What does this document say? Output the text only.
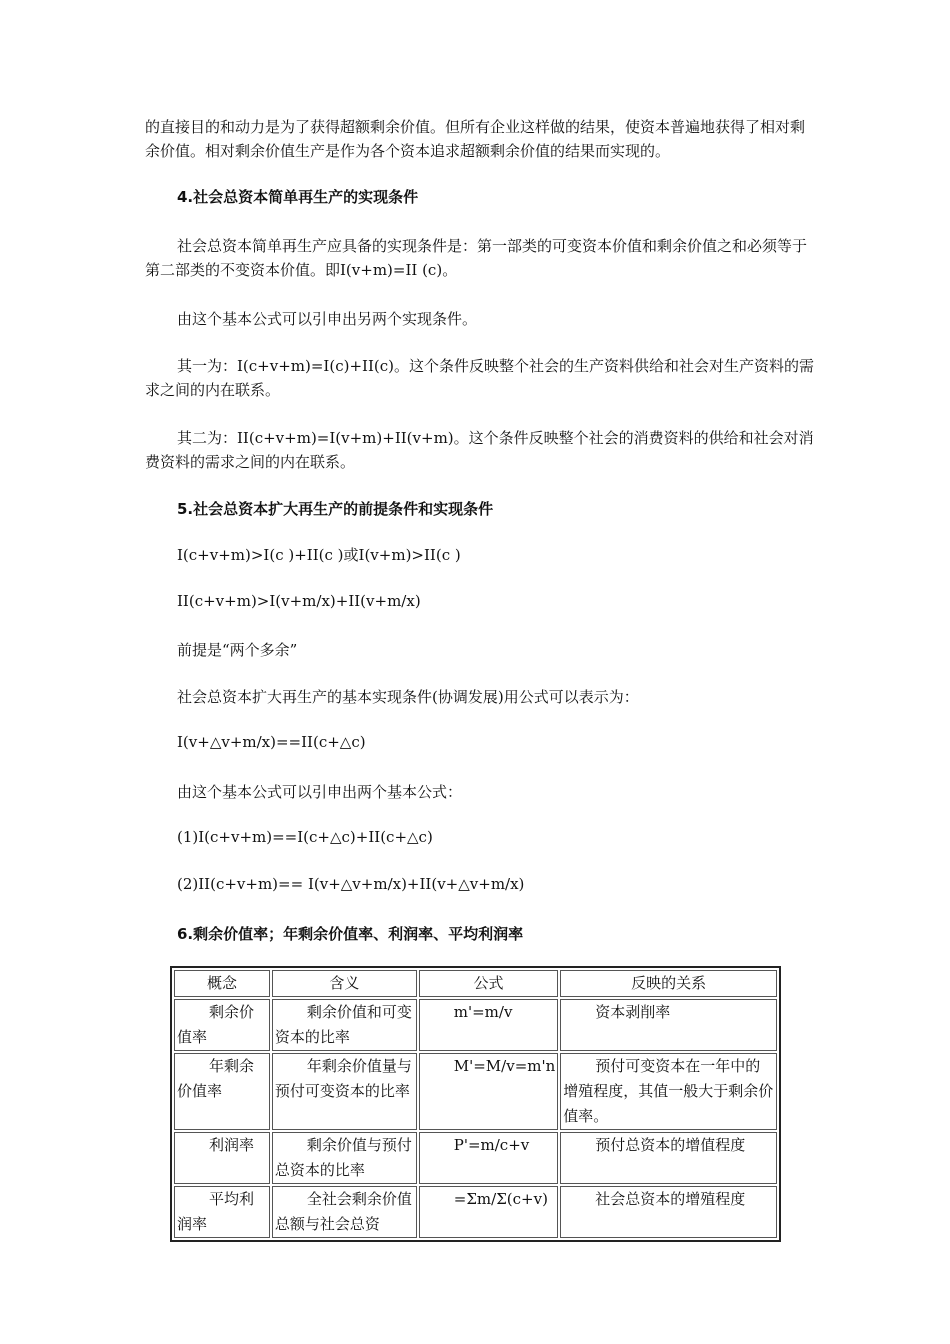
的直接目的和动力是为了获得超额剩余价值。但所有企业这样做的结果，使资本普遍地获得了相对剩余价值。相对剩余价值生产是作为各个资本追求超额剩余价值的结果而实现的。

4.社会总资本简单再生产的实现条件

社会总资本简单再生产应具备的实现条件是：第一部类的可变资本价值和剩余价值之和必须等于第二部类的不变资本价值。即Ⅰ(v+m)=ⅠⅠ (c)。

由这个基本公式可以引申出另两个实现条件。

其一为：Ⅰ(c+v+m)=Ⅰ(c)+ⅠⅠ(c)。这个条件反映整个社会的生产资料供给和社会对生产资料的需求之间的内在联系。

其二为：ⅠⅠ(c+v+m)=Ⅰ(v+m)+ⅠⅠ(v+m)。这个条件反映整个社会的消费资料的供给和社会对消费资料的需求之间的内在联系。

5.社会总资本扩大再生产的前提条件和实现条件

Ⅰ(c+v+m)>Ⅰ(c )+ⅠⅠ(c )或Ⅰ(v+m)>ⅠⅠ(c )

ⅠⅠ(c+v+m)>Ⅰ(v+m/x)+ⅠⅠ(v+m/x)

前提是“两个多余”

社会总资本扩大再生产的基本实现条件(协调发展)用公式可以表示为：

Ⅰ(v+△v+m/x)==ⅠⅠ(c+△c)

由这个基本公式可以引申出两个基本公式：

(1)Ⅰ(c+v+m)==Ⅰ(c+△c)+ⅠⅠ(c+△c)

(2)ⅠⅠ(c+v+m)== Ⅰ(v+△v+m/x)+ⅠⅠ(v+△v+m/x)

6.剩余价值率；年剩余价值率、利润率、平均利润率

概念	含义	公式	反映的关系
剩余价值率	剩余价值和可变资本的比率	m'=m/v	资本剥削率
年剩余价值率	年剩余价值量与预付可变资本的比率	M'=M/v=m'n	预付可变资本在一年中的增殖程度，其值一般大于剩余价值率。
利润率	剩余价值与预付总资本的比率	P'=m/c+v	预付总资本的增值程度
平均利润率	全社会剩余价值总额与社会总资	=Σm/Σ(c+v)	社会总资本的增殖程度
